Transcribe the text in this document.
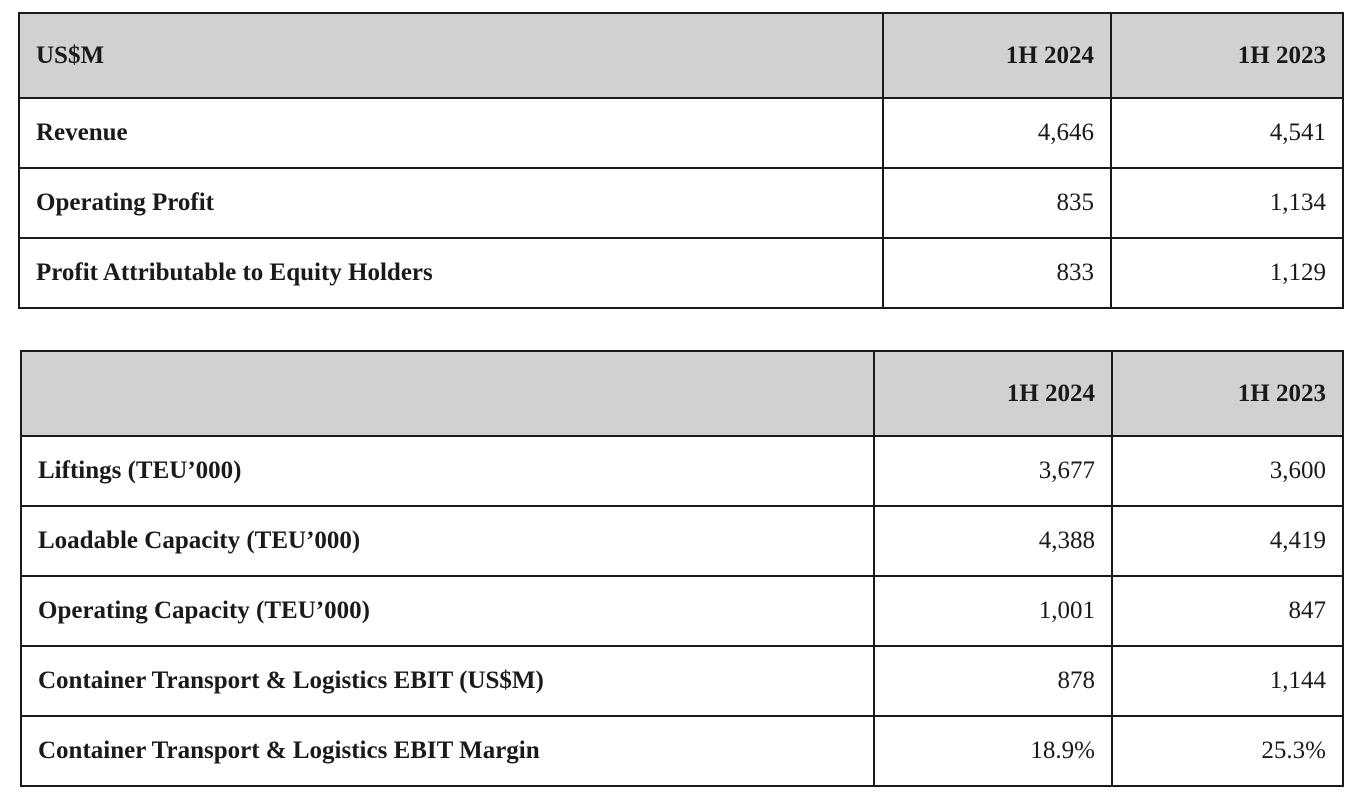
US$M	1H 2024	1H 2023
Revenue	4,646	4,541
Operating Profit	835	1,134
Profit Attributable to Equity Holders	833	1,129
	1H 2024	1H 2023
Liftings (TEU’000)	3,677	3,600
Loadable Capacity (TEU’000)	4,388	4,419
Operating Capacity (TEU’000)	1,001	847
Container Transport & Logistics EBIT (US$M)	878	1,144
Container Transport & Logistics EBIT Margin	18.9%	25.3%
